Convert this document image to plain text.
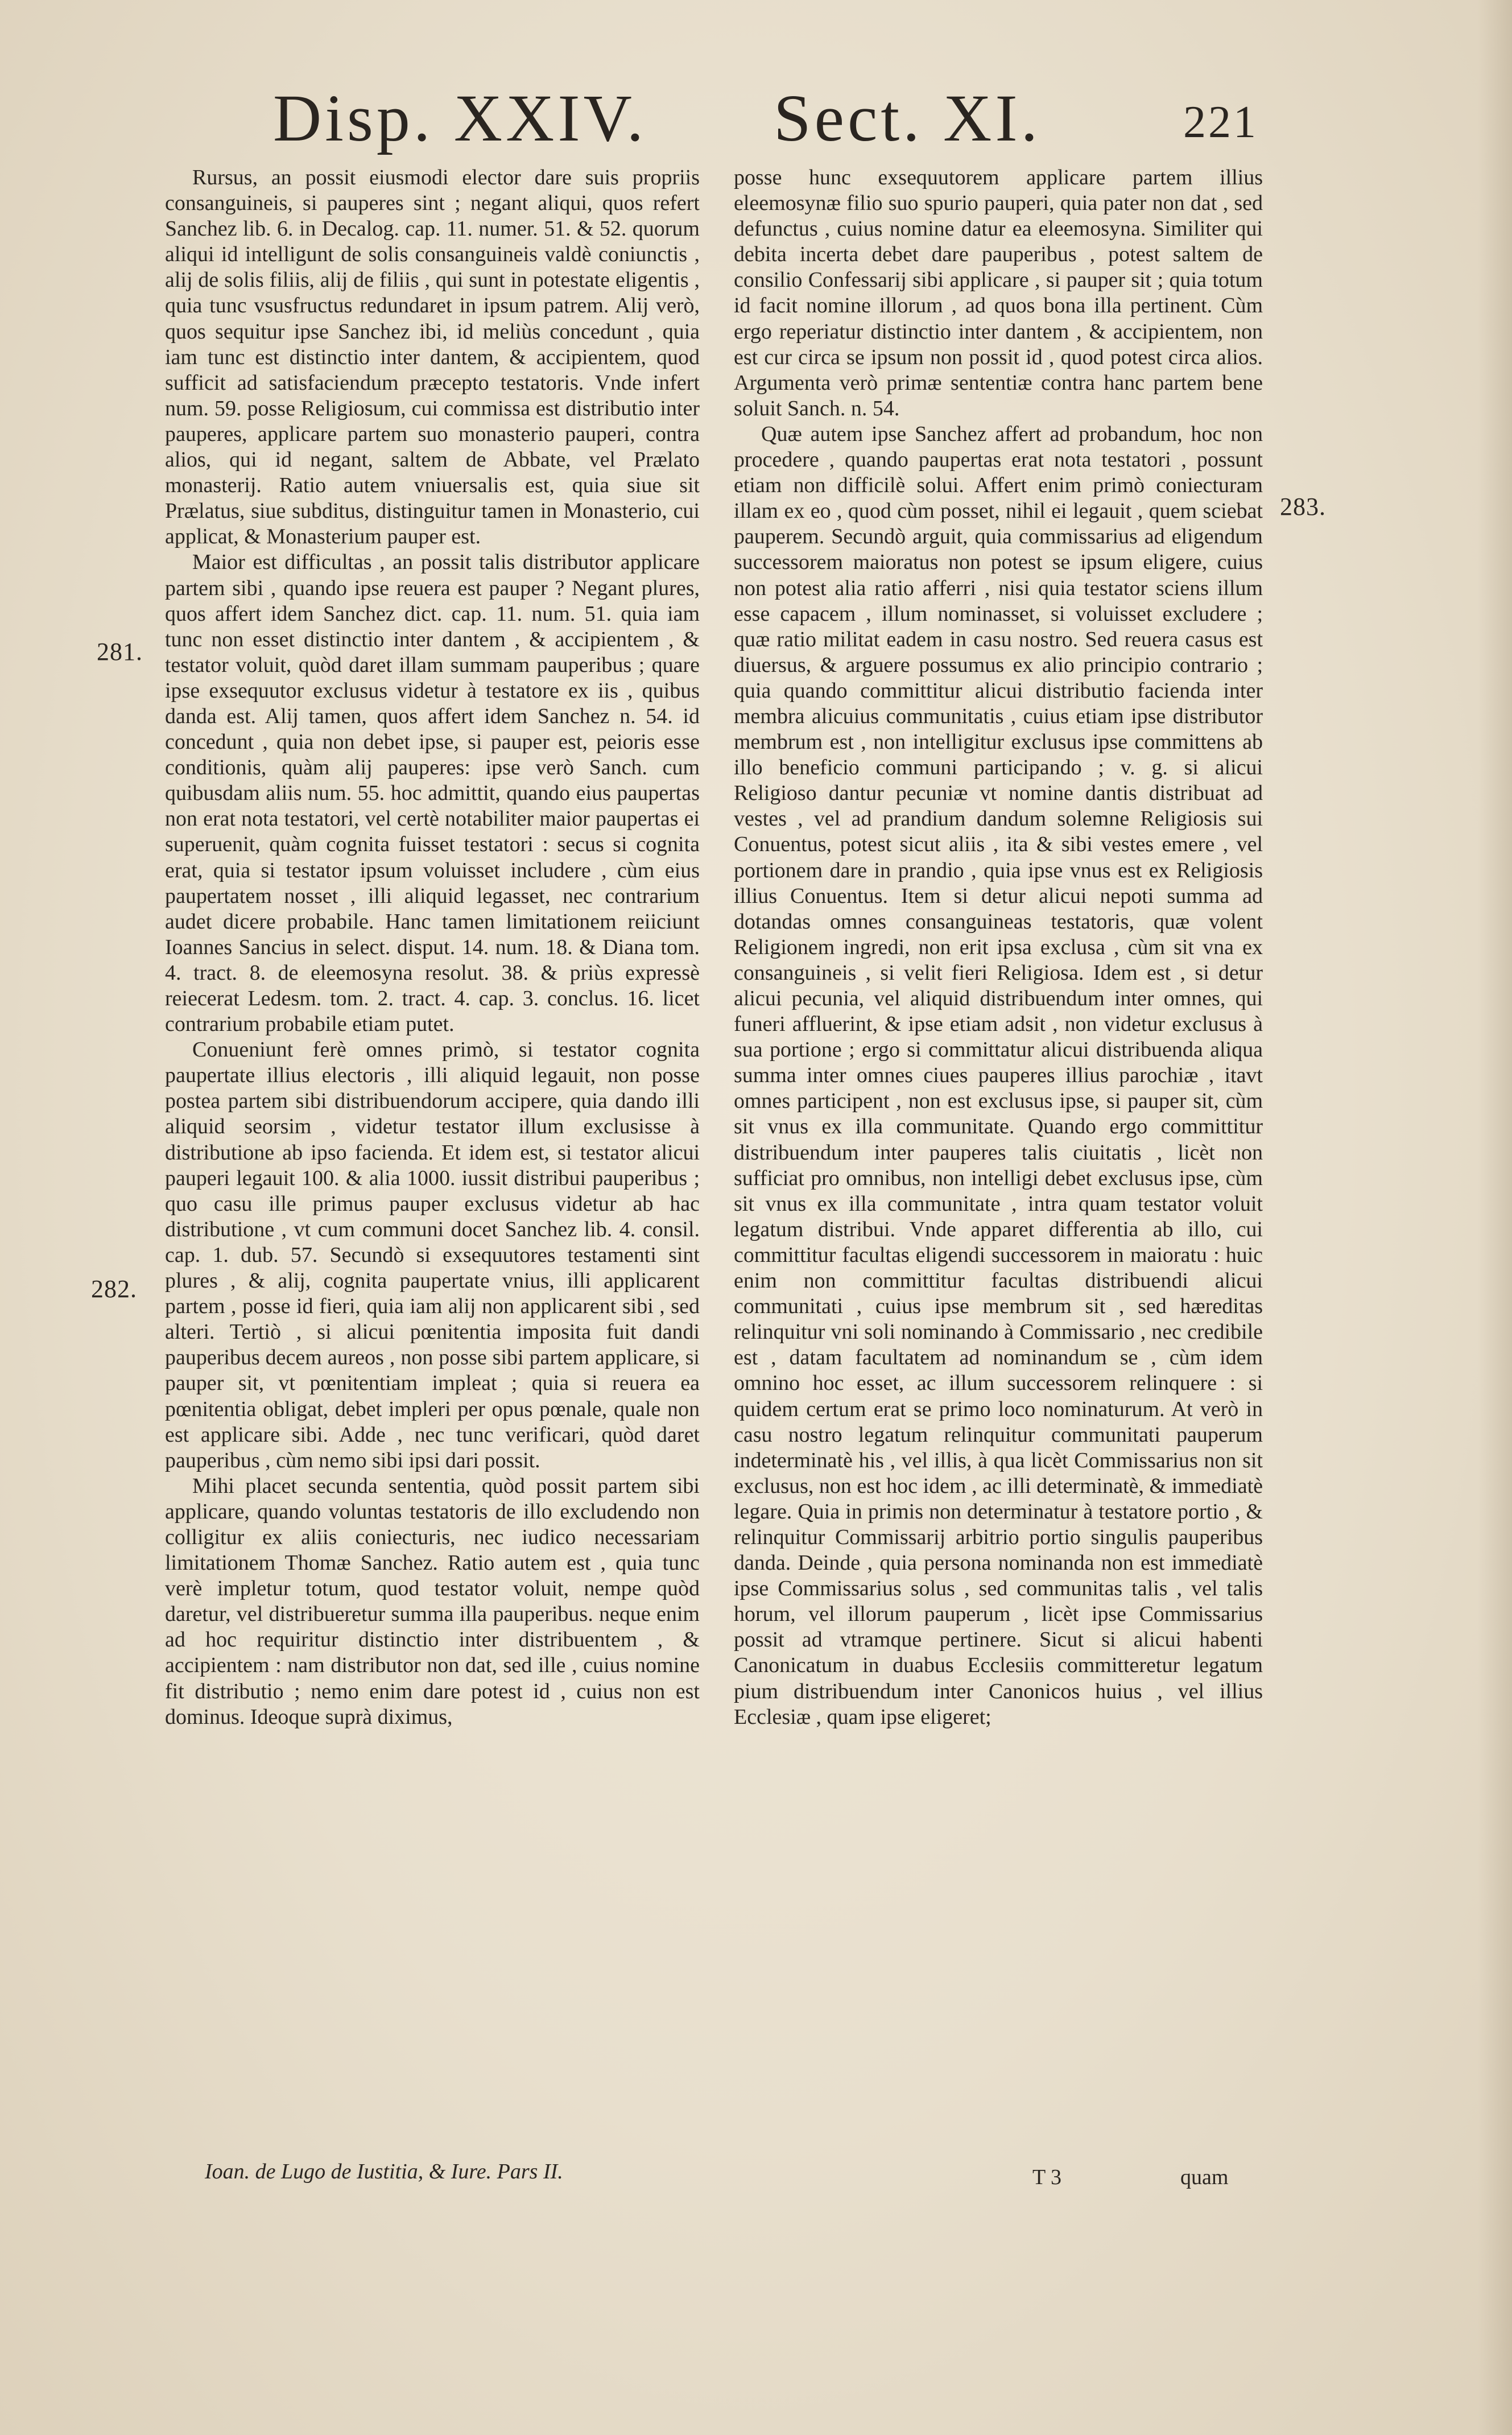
Disp. XXIV. Sect. XI.	221

Rursus, an possit eiusmodi elector dare suis propriis consanguineis, si pauperes sint ; negant aliqui, quos refert Sanchez lib. 6. in Decalog. cap. 11. numer. 51. & 52. quorum aliqui id intelligunt de solis consanguineis valdè coniunctis , alij de solis filiis, alij de filiis , qui sunt in potestate eligentis , quia tunc vsusfructus redundaret in ipsum patrem. Alij verò, quos sequitur ipse Sanchez ibi, id meliùs concedunt , quia iam tunc est distinctio inter dantem, & accipientem, quod sufficit ad satisfaciendum præcepto testatoris. Vnde infert num. 59. posse Religiosum, cui commissa est distributio inter pauperes, applicare partem suo monasterio pauperi, contra alios, qui id negant, saltem de Abbate, vel Prælato monasterij. Ratio autem vniuersalis est, quia siue sit Prælatus, siue subditus, distinguitur tamen in Monasterio, cui applicat, & Monasterium pauper est.

Maior est difficultas , an possit talis distributor applicare partem sibi , quando ipse reuera est pauper ? Negant plures, quos affert idem Sanchez dict. cap. 11. num. 51. quia iam tunc non esset distinctio inter dantem , & accipientem , & testator voluit, quòd daret illam summam pauperibus ; quare ipse exsequutor exclusus videtur à testatore ex iis , quibus danda est. Alij tamen, quos affert idem Sanchez n. 54. id concedunt , quia non debet ipse, si pauper est, peioris esse conditionis, quàm alij pauperes: ipse verò Sanch. cum quibusdam aliis num. 55. hoc admittit, quando eius paupertas non erat nota testatori, vel certè notabiliter maior paupertas ei superuenit, quàm cognita fuisset testatori : secus si cognita erat, quia si testator ipsum voluisset includere , cùm eius paupertatem nosset , illi aliquid legasset, nec contrarium audet dicere probabile. Hanc tamen limitationem reiiciunt Ioannes Sancius in select. disput. 14. num. 18. & Diana tom. 4. tract. 8. de eleemosyna resolut. 38. & priùs expressè reiecerat Ledesm. tom. 2. tract. 4. cap. 3. conclus. 16. licet contrarium probabile etiam putet.

Conueniunt ferè omnes primò, si testator cognita paupertate illius electoris , illi aliquid legauit, non posse postea partem sibi distribuendorum accipere, quia dando illi aliquid seorsim , videtur testator illum exclusisse à distributione ab ipso facienda. Et idem est, si testator alicui pauperi legauit 100. & alia 1000. iussit distribui pauperibus ; quo casu ille primus pauper exclusus videtur ab hac distributione , vt cum communi docet Sanchez lib. 4. consil. cap. 1. dub. 57. Secundò si exsequutores testamenti sint plures , & alij, cognita paupertate vnius, illi applicarent partem , posse id fieri, quia iam alij non applicarent sibi , sed alteri. Tertiò , si alicui pœnitentia imposita fuit dandi pauperibus decem aureos , non posse sibi partem applicare, si pauper sit, vt pœnitentiam impleat ; quia si reuera ea pœnitentia obligat, debet impleri per opus pœnale, quale non est applicare sibi. Adde , nec tunc verificari, quòd daret pauperibus , cùm nemo sibi ipsi dari possit.

Mihi placet secunda sententia, quòd possit partem sibi applicare, quando voluntas testatoris de illo excludendo non colligitur ex aliis coniecturis, nec iudico necessariam limitationem Thomæ Sanchez. Ratio autem est , quia tunc verè impletur totum, quod testator voluit, nempe quòd daretur, vel distribueretur summa illa pauperibus. neque enim ad hoc requiritur distinctio inter distribuentem , & accipientem : nam distributor non dat, sed ille , cuius nomine fit distributio ; nemo enim dare potest id , cuius non est dominus. Ideoque suprà diximus,

posse hunc exsequutorem applicare partem illius eleemosynæ filio suo spurio pauperi, quia pater non dat , sed defunctus , cuius nomine datur ea eleemosyna. Similiter qui debita incerta debet dare pauperibus , potest saltem de consilio Confessarij sibi applicare , si pauper sit ; quia totum id facit nomine illorum , ad quos bona illa pertinent. Cùm ergo reperiatur distinctio inter dantem , & accipientem, non est cur circa se ipsum non possit id , quod potest circa alios. Argumenta verò primæ sententiæ contra hanc partem bene soluit Sanch. n. 54.

Quæ autem ipse Sanchez affert ad probandum, hoc non procedere , quando paupertas erat nota testatori , possunt etiam non difficilè solui. Affert enim primò coniecturam illam ex eo , quod cùm posset, nihil ei legauit , quem sciebat pauperem. Secundò arguit, quia commissarius ad eligendum successorem maioratus non potest se ipsum eligere, cuius non potest alia ratio afferri , nisi quia testator sciens illum esse capacem , illum nominasset, si voluisset excludere ; quæ ratio militat eadem in casu nostro. Sed reuera casus est diuersus, & arguere possumus ex alio principio contrario ; quia quando committitur alicui distributio facienda inter membra alicuius communitatis , cuius etiam ipse distributor membrum est , non intelligitur exclusus ipse committens ab illo beneficio communi participando ; v. g. si alicui Religioso dantur pecuniæ vt nomine dantis distribuat ad vestes , vel ad prandium dandum solemne Religiosis sui Conuentus, potest sicut aliis , ita & sibi vestes emere , vel portionem dare in prandio , quia ipse vnus est ex Religiosis illius Conuentus. Item si detur alicui nepoti summa ad dotandas omnes consanguineas testatoris, quæ volent Religionem ingredi, non erit ipsa exclusa , cùm sit vna ex consanguineis , si velit fieri Religiosa. Idem est , si detur alicui pecunia, vel aliquid distribuendum inter omnes, qui funeri affluerint, & ipse etiam adsit , non videtur exclusus à sua portione ; ergo si committatur alicui distribuenda aliqua summa inter omnes ciues pauperes illius parochiæ , itavt omnes participent , non est exclusus ipse, si pauper sit, cùm sit vnus ex illa communitate. Quando ergo committitur distribuendum inter pauperes talis ciuitatis , licèt non sufficiat pro omnibus, non intelligi debet exclusus ipse, cùm sit vnus ex illa communitate , intra quam testator voluit legatum distribui. Vnde apparet differentia ab illo, cui committitur facultas eligendi successorem in maioratu : huic enim non committitur facultas distribuendi alicui communitati , cuius ipse membrum sit , sed hæreditas relinquitur vni soli nominando à Commissario , nec credibile est , datam facultatem ad nominandum se , cùm idem omnino hoc esset, ac illum successorem relinquere : si quidem certum erat se primo loco nominaturum. At verò in casu nostro legatum relinquitur communitati pauperum indeterminatè his , vel illis, à qua licèt Commissarius non sit exclusus, non est hoc idem , ac illi determinatè, & immediatè legare. Quia in primis non determinatur à testatore portio , & relinquitur Commissarij arbitrio portio singulis pauperibus danda. Deinde , quia persona nominanda non est immediatè ipse Commissarius solus , sed communitas talis , vel talis horum, vel illorum pauperum , licèt ipse Commissarius possit ad vtramque pertinere. Sicut si alicui habenti Canonicatum in duabus Ecclesiis committeretur legatum pium distribuendum inter Canonicos huius , vel illius Ecclesiæ , quam ipse eligeret;

281.
282.
283.
Ioan. de Lugo de Iustitia, & Iure. Pars II.	T 3	quam
